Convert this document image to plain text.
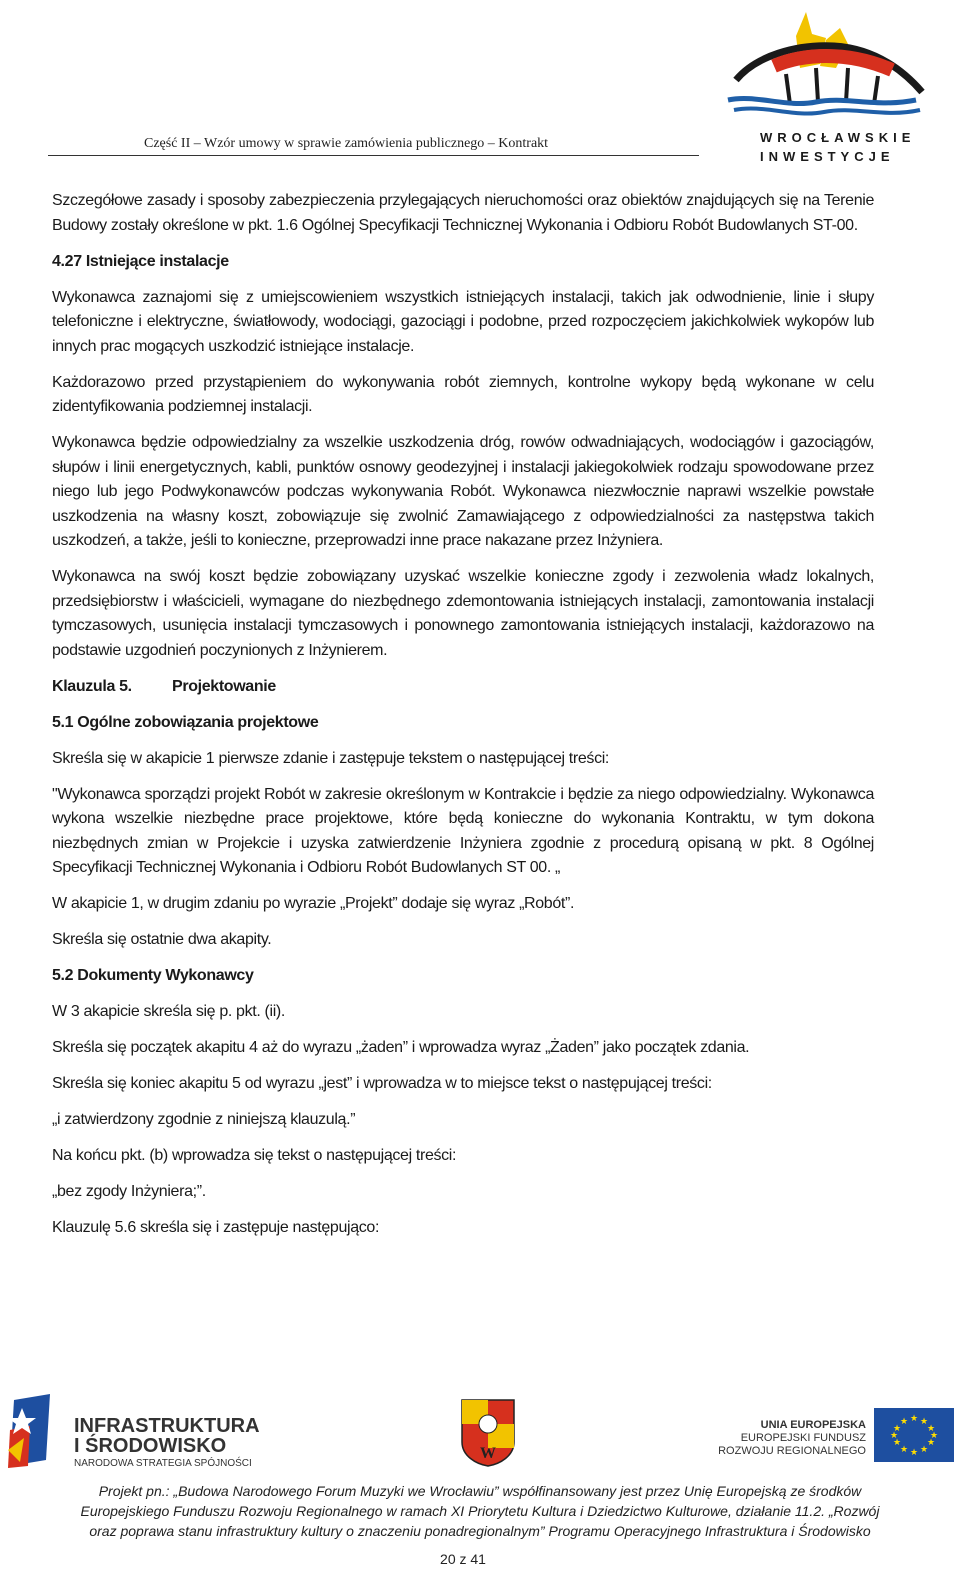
Część II – Wzór umowy w sprawie zamówienia publicznego – Kontrakt	WROCŁAWSKIE
INWESTYCJE

Szczegółowe zasady i sposoby zabezpieczenia przylegających nieruchomości oraz obiektów znajdujących się na Terenie Budowy zostały określone w pkt. 1.6 Ogólnej Specyfikacji Technicznej Wykonania i Odbioru Robót Budowlanych ST-00.

4.27 Istniejące instalacje

Wykonawca zaznajomi się z umiejscowieniem wszystkich istniejących instalacji, takich jak odwodnienie, linie i słupy telefoniczne i elektryczne, światłowody, wodociągi, gazociągi i podobne, przed rozpoczęciem jakichkolwiek wykopów lub innych prac mogących uszkodzić istniejące instalacje.

Każdorazowo przed przystąpieniem do wykonywania robót ziemnych, kontrolne wykopy będą wykonane w celu zidentyfikowania podziemnej instalacji.

Wykonawca będzie odpowiedzialny za wszelkie uszkodzenia dróg, rowów odwadniających, wodociągów i gazociągów, słupów i linii energetycznych, kabli, punktów osnowy geodezyjnej i instalacji jakiegokolwiek rodzaju spowodowane przez niego lub jego Podwykonawców podczas wykonywania Robót. Wykonawca niezwłocznie naprawi wszelkie powstałe uszkodzenia na własny koszt, zobowiązuje się zwolnić Zamawiającego z odpowiedzialności za następstwa takich uszkodzeń, a także, jeśli to konieczne, przeprowadzi inne prace nakazane przez Inżyniera.

Wykonawca na swój koszt będzie zobowiązany uzyskać wszelkie konieczne zgody i zezwolenia władz lokalnych, przedsiębiorstw i właścicieli, wymagane do niezbędnego zdemontowania istniejących instalacji, zamontowania instalacji tymczasowych, usunięcia instalacji tymczasowych i ponownego zamontowania istniejących instalacji, każdorazowo na podstawie uzgodnień poczynionych z Inżynierem.

Klauzula 5.	Projektowanie
5.1 Ogólne zobowiązania projektowe

Skreśla się w akapicie 1 pierwsze zdanie i zastępuje tekstem o następującej treści:

"Wykonawca sporządzi projekt Robót w zakresie określonym w Kontrakcie i będzie za niego odpowiedzialny. Wykonawca wykona wszelkie niezbędne prace projektowe, które będą konieczne do wykonania Kontraktu, w tym dokona niezbędnych zmian w Projekcie i uzyska zatwierdzenie Inżyniera zgodnie z procedurą opisaną w pkt. 8 Ogólnej Specyfikacji Technicznej Wykonania i Odbioru Robót Budowlanych ST 00. „

W akapicie 1, w drugim zdaniu po wyrazie „Projekt” dodaje się wyraz „Robót”.

Skreśla się ostatnie dwa akapity.

5.2 Dokumenty Wykonawcy

W 3 akapicie skreśla się p. pkt. (ii).

Skreśla się początek akapitu 4 aż do wyrazu „żaden” i wprowadza wyraz „Żaden” jako początek zdania.

Skreśla się koniec akapitu 5 od wyrazu „jest” i wprowadza w to miejsce tekst o następującej treści:

„i zatwierdzony zgodnie z niniejszą klauzulą.”

Na końcu pkt. (b) wprowadza się tekst o następującej treści:

„bez zgody Inżyniera;”.

Klauzulę 5.6 skreśla się i zastępuje następująco:

INFRASTRUKTURA
I ŚRODOWISKO
NARODOWA STRATEGIA SPÓJNOŚCI
W
UNIA EUROPEJSKA
EUROPEJSKI FUNDUSZ
ROZWOJU REGIONALNEGO
★ ★
★
★
★
★
★
★
★
★
★
★
Projekt pn.: „Budowa Narodowego Forum Muzyki we Wrocławiu” współfinansowany jest przez Unię Europejską ze środków
Europejskiego Funduszu Rozwoju Regionalnego w ramach XI Priorytetu Kultura i Dziedzictwo Kulturowe, działanie 11.2. „Rozwój
oraz poprawa stanu infrastruktury kultury o znaczeniu ponadregionalnym” Programu Operacyjnego Infrastruktura i Środowisko
20 z 41
